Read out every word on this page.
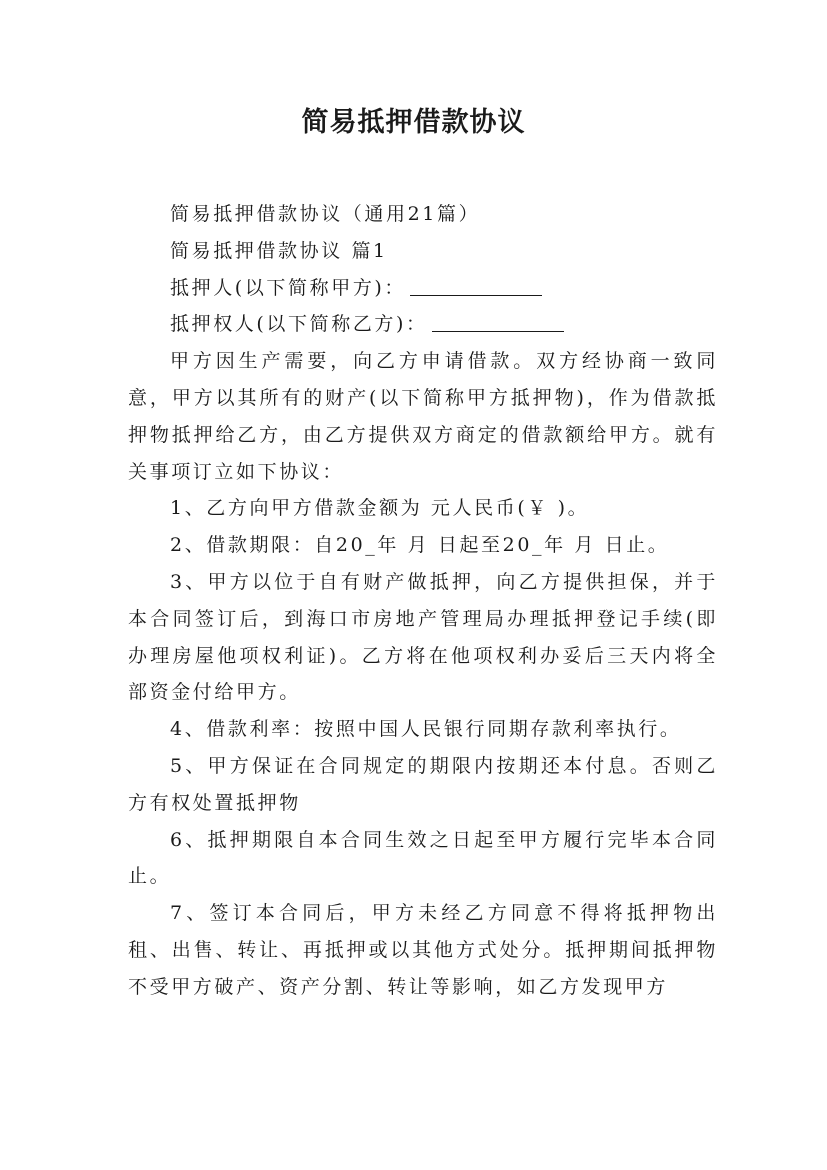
简易抵押借款协议

简易抵押借款协议（通用21篇）

简易抵押借款协议 篇1

抵押人(以下简称甲方)：

抵押权人(以下简称乙方)：

甲方因生产需要，向乙方申请借款。双方经协商一致同意，甲方以其所有的财产(以下简称甲方抵押物)，作为借款抵押物抵押给乙方，由乙方提供双方商定的借款额给甲方。就有关事项订立如下协议：

1、乙方向甲方借款金额为 元人民币(￥ )。

2、借款期限：自20_年 月 日起至20_年 月 日止。

3、甲方以位于自有财产做抵押，向乙方提供担保，并于本合同签订后，到海口市房地产管理局办理抵押登记手续(即办理房屋他项权利证)。乙方将在他项权利办妥后三天内将全部资金付给甲方。

4、借款利率：按照中国人民银行同期存款利率执行。

5、甲方保证在合同规定的期限内按期还本付息。否则乙方有权处置抵押物

6、抵押期限自本合同生效之日起至甲方履行完毕本合同止。

7、签订本合同后，甲方未经乙方同意不得将抵押物出租、出售、转让、再抵押或以其他方式处分。抵押期间抵押物不受甲方破产、资产分割、转让等影响，如乙方发现甲方
